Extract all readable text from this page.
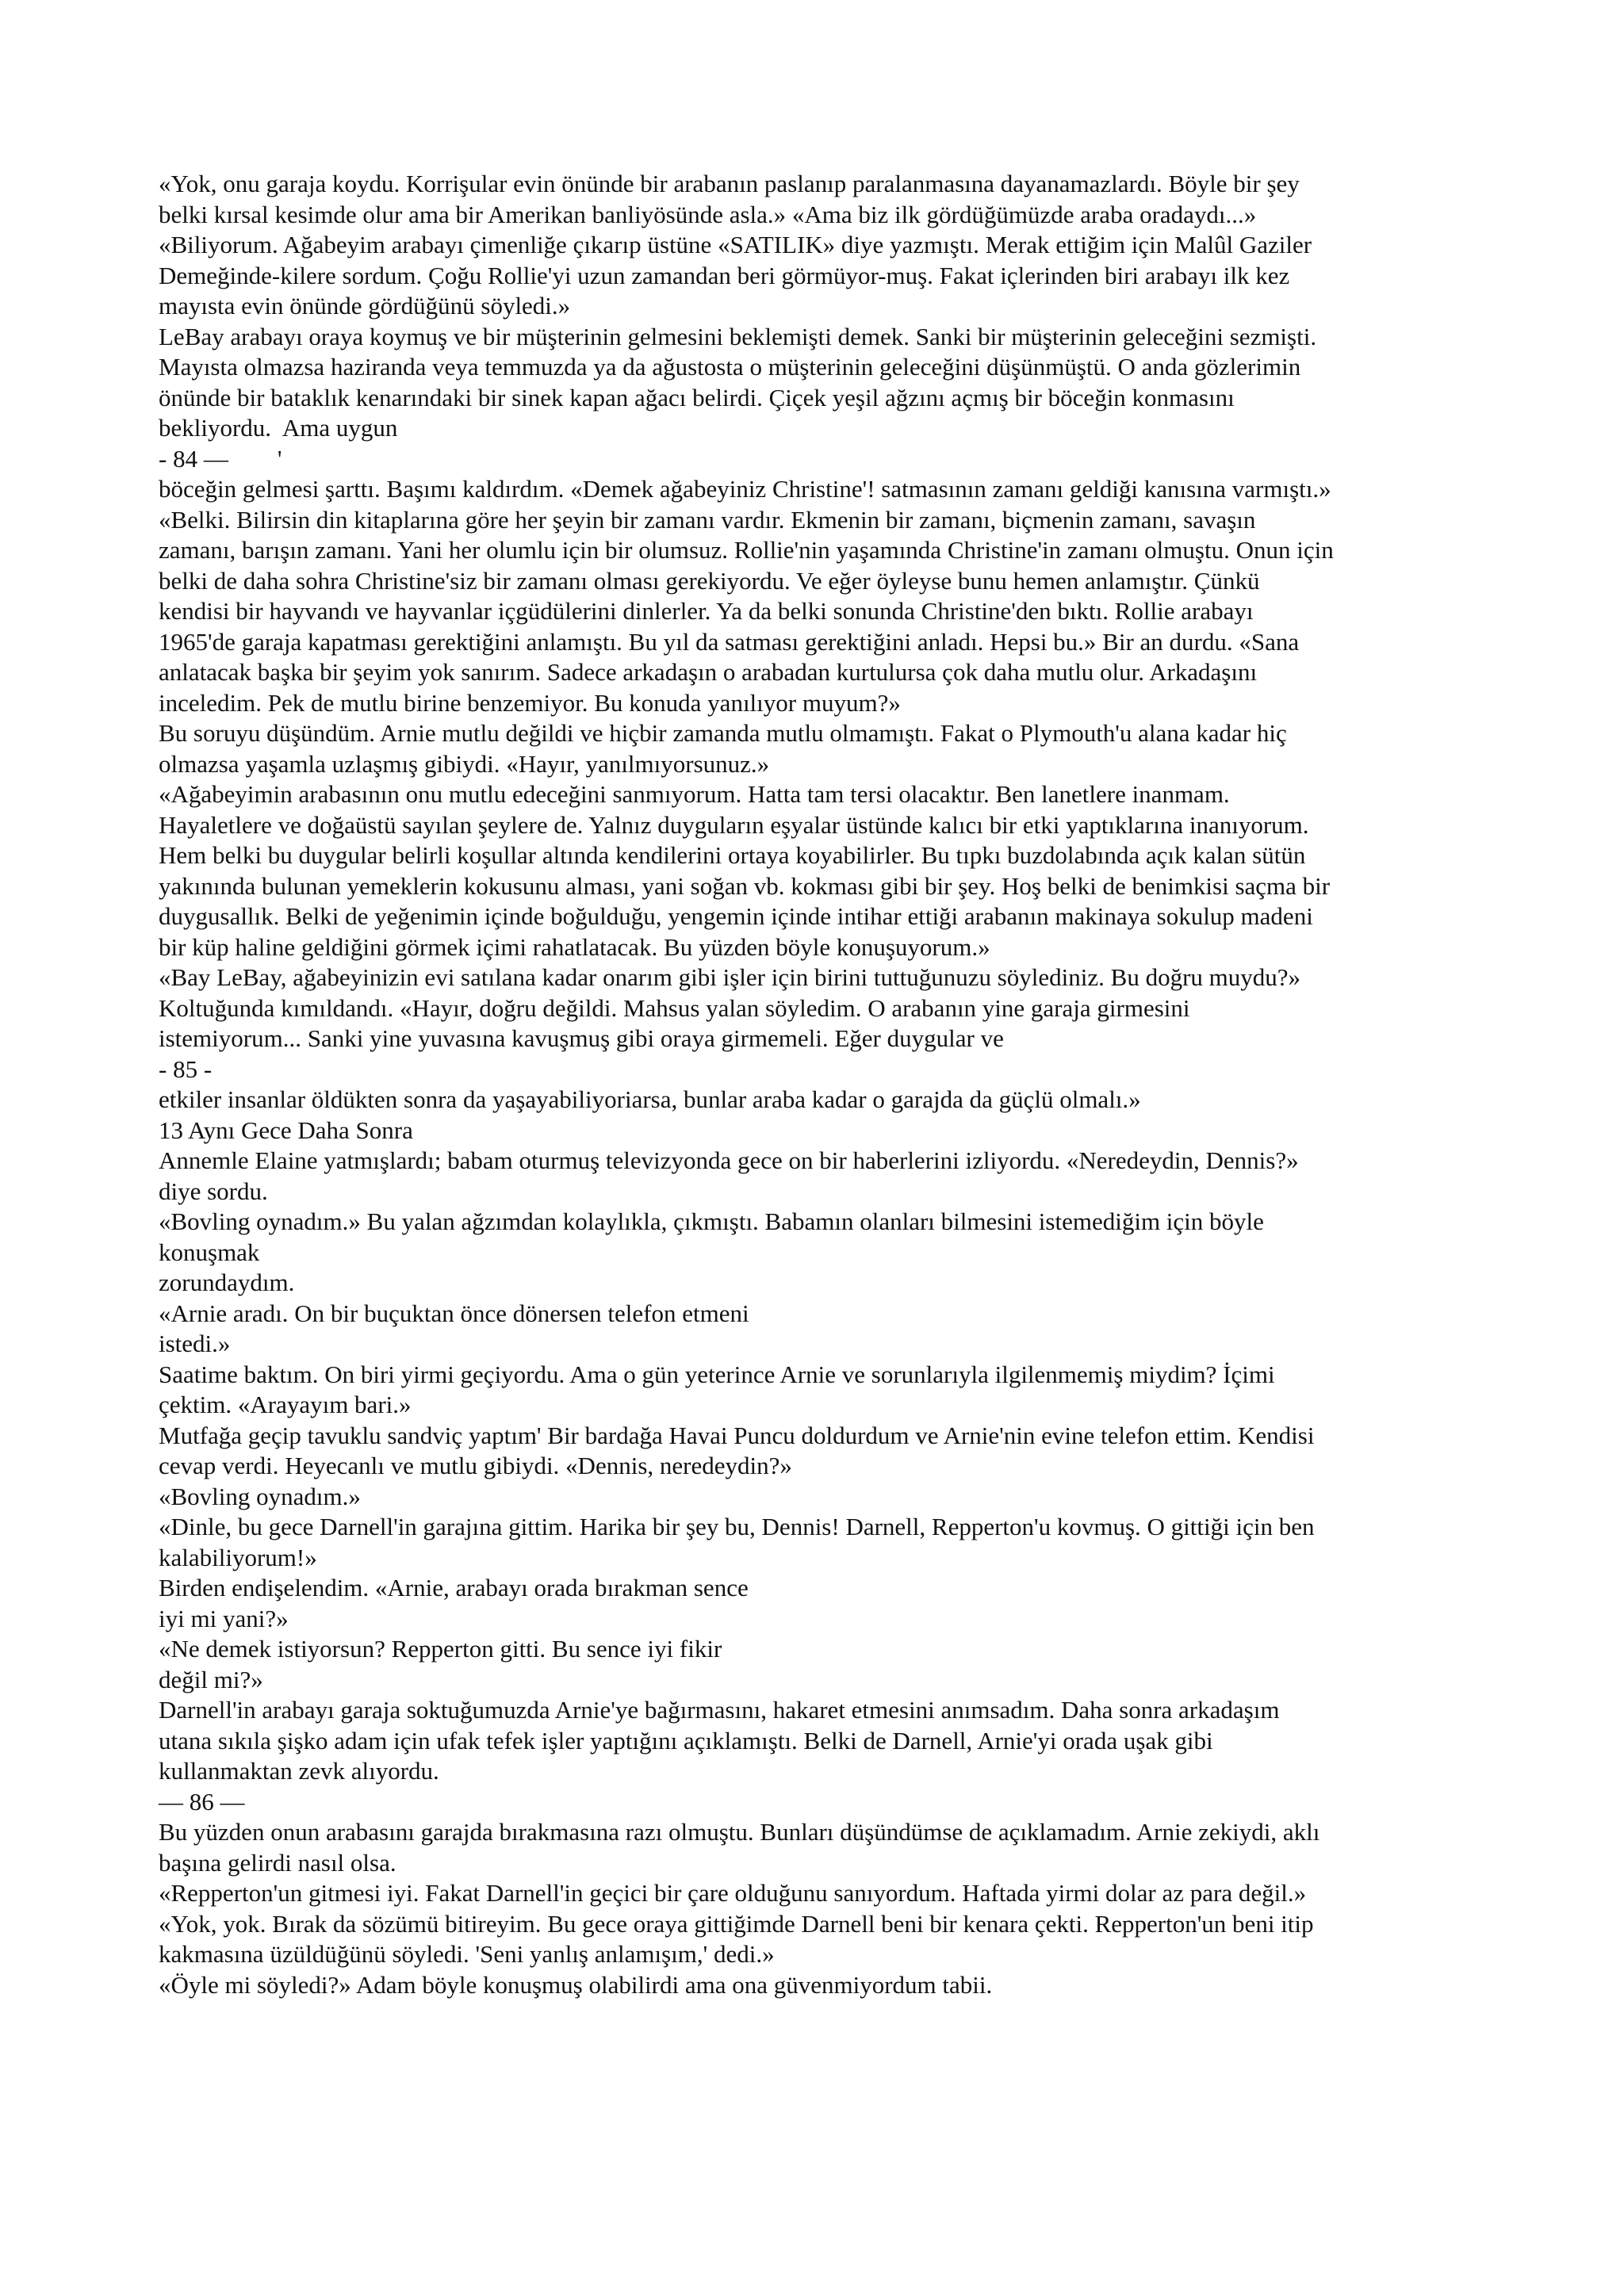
«Yok, onu garaja koydu. Korrişular evin önünde bir arabanın paslanıp paralanmasına dayanamazlardı. Böyle bir şey
belki kırsal kesimde olur ama bir Amerikan banliyösünde asla.» «Ama biz ilk gördüğümüzde araba oradaydı...»
«Biliyorum. Ağabeyim arabayı çimenliğe çıkarıp üstüne «SATILIK» diye yazmıştı. Merak ettiğim için Malûl Gaziler
Demeğinde-kilere sordum. Çoğu Rollie'yi uzun zamandan beri görmüyor-muş. Fakat içlerinden biri arabayı ilk kez
mayısta evin önünde gördüğünü söyledi.»
LeBay arabayı oraya koymuş ve bir müşterinin gelmesini beklemişti demek. Sanki bir müşterinin geleceğini sezmişti.
Mayısta olmazsa haziranda veya temmuzda ya da ağustosta o müşterinin geleceğini düşünmüştü. O anda gözlerimin
önünde bir bataklık kenarındaki bir sinek kapan ağacı belirdi. Çiçek yeşil ağzını açmış bir böceğin konmasını
bekliyordu.  Ama uygun
- 84 —        '
böceğin gelmesi şarttı. Başımı kaldırdım. «Demek ağabeyiniz Christine'! satmasının zamanı geldiği kanısına varmıştı.»
«Belki. Bilirsin din kitaplarına göre her şeyin bir zamanı vardır. Ekmenin bir zamanı, biçmenin zamanı, savaşın
zamanı, barışın zamanı. Yani her olumlu için bir olumsuz. Rollie'nin yaşamında Christine'in zamanı olmuştu. Onun için
belki de daha sohra Christine'siz bir zamanı olması gerekiyordu. Ve eğer öyleyse bunu hemen anlamıştır. Çünkü
kendisi bir hayvandı ve hayvanlar içgüdülerini dinlerler. Ya da belki sonunda Christine'den bıktı. Rollie arabayı
1965'de garaja kapatması gerektiğini anlamıştı. Bu yıl da satması gerektiğini anladı. Hepsi bu.» Bir an durdu. «Sana
anlatacak başka bir şeyim yok sanırım. Sadece arkadaşın o arabadan kurtulursa çok daha mutlu olur. Arkadaşını
inceledim. Pek de mutlu birine benzemiyor. Bu konuda yanılıyor muyum?»
Bu soruyu düşündüm. Arnie mutlu değildi ve hiçbir zamanda mutlu olmamıştı. Fakat o Plymouth'u alana kadar hiç
olmazsa yaşamla uzlaşmış gibiydi. «Hayır, yanılmıyorsunuz.»
«Ağabeyimin arabasının onu mutlu edeceğini sanmıyorum. Hatta tam tersi olacaktır. Ben lanetlere inanmam.
Hayaletlere ve doğaüstü sayılan şeylere de. Yalnız duyguların eşyalar üstünde kalıcı bir etki yaptıklarına inanıyorum.
Hem belki bu duygular belirli koşullar altında kendilerini ortaya koyabilirler. Bu tıpkı buzdolabında açık kalan sütün
yakınında bulunan yemeklerin kokusunu alması, yani soğan vb. kokması gibi bir şey. Hoş belki de benimkisi saçma bir
duygusallık. Belki de yeğenimin içinde boğulduğu, yengemin içinde intihar ettiği arabanın makinaya sokulup madeni
bir küp haline geldiğini görmek içimi rahatlatacak. Bu yüzden böyle konuşuyorum.»
«Bay LeBay, ağabeyinizin evi satılana kadar onarım gibi işler için birini tuttuğunuzu söylediniz. Bu doğru muydu?»
Koltuğunda kımıldandı. «Hayır, doğru değildi. Mahsus yalan söyledim. O arabanın yine garaja girmesini
istemiyorum... Sanki yine yuvasına kavuşmuş gibi oraya girmemeli. Eğer duygular ve
- 85 -
etkiler insanlar öldükten sonra da yaşayabiliyoriarsa, bunlar araba kadar o garajda da güçlü olmalı.»
13 Aynı Gece Daha Sonra
Annemle Elaine yatmışlardı; babam oturmuş televizyonda gece on bir haberlerini izliyordu. «Neredeydin, Dennis?»
diye sordu.
«Bovling oynadım.» Bu yalan ağzımdan kolaylıkla, çıkmıştı. Babamın olanları bilmesini istemediğim için böyle
konuşmak
zorundaydım.
«Arnie aradı. On bir buçuktan önce dönersen telefon etmeni
istedi.»
Saatime baktım. On biri yirmi geçiyordu. Ama o gün yeterince Arnie ve sorunlarıyla ilgilenmemiş miydim? İçimi
çektim. «Arayayım bari.»
Mutfağa geçip tavuklu sandviç yaptım' Bir bardağa Havai Puncu doldurdum ve Arnie'nin evine telefon ettim. Kendisi
cevap verdi. Heyecanlı ve mutlu gibiydi. «Dennis, neredeydin?»
«Bovling oynadım.»
«Dinle, bu gece Darnell'in garajına gittim. Harika bir şey bu, Dennis! Darnell, Repperton'u kovmuş. O gittiği için ben
kalabiliyorum!»
Birden endişelendim. «Arnie, arabayı orada bırakman sence
iyi mi yani?»
«Ne demek istiyorsun? Repperton gitti. Bu sence iyi fikir
değil mi?»
Darnell'in arabayı garaja soktuğumuzda Arnie'ye bağırmasını, hakaret etmesini anımsadım. Daha sonra arkadaşım
utana sıkıla şişko adam için ufak tefek işler yaptığını açıklamıştı. Belki de Darnell, Arnie'yi orada uşak gibi
kullanmaktan zevk alıyordu.
— 86 —
Bu yüzden onun arabasını garajda bırakmasına razı olmuştu. Bunları düşündümse de açıklamadım. Arnie zekiydi, aklı
başına gelirdi nasıl olsa.
«Repperton'un gitmesi iyi. Fakat Darnell'in geçici bir çare olduğunu sanıyordum. Haftada yirmi dolar az para değil.»
«Yok, yok. Bırak da sözümü bitireyim. Bu gece oraya gittiğimde Darnell beni bir kenara çekti. Repperton'un beni itip
kakmasına üzüldüğünü söyledi. 'Seni yanlış anlamışım,' dedi.»
«Öyle mi söyledi?» Adam böyle konuşmuş olabilirdi ama ona güvenmiyordum tabii.
